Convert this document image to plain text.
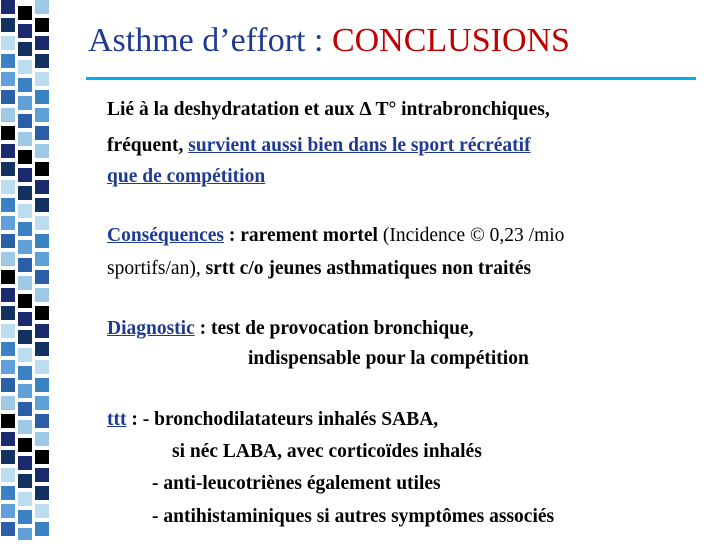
Asthme d’effort : CONCLUSIONS
Lié à la deshydratation et aux Δ T° intrabronchiques,
fréquent, survient aussi bien dans le sport récréatif
que de compétition
Conséquences : rarement mortel (Incidence © 0,23 /mio
sportifs/an), srtt c/o jeunes asthmatiques non traités
Diagnostic : test de provocation bronchique,
indispensable pour la compétition
ttt : - bronchodilatateurs inhalés SABA,
si néc LABA, avec corticoïdes inhalés
- anti-leucotriènes également utiles
- antihistaminiques si autres symptômes associés
